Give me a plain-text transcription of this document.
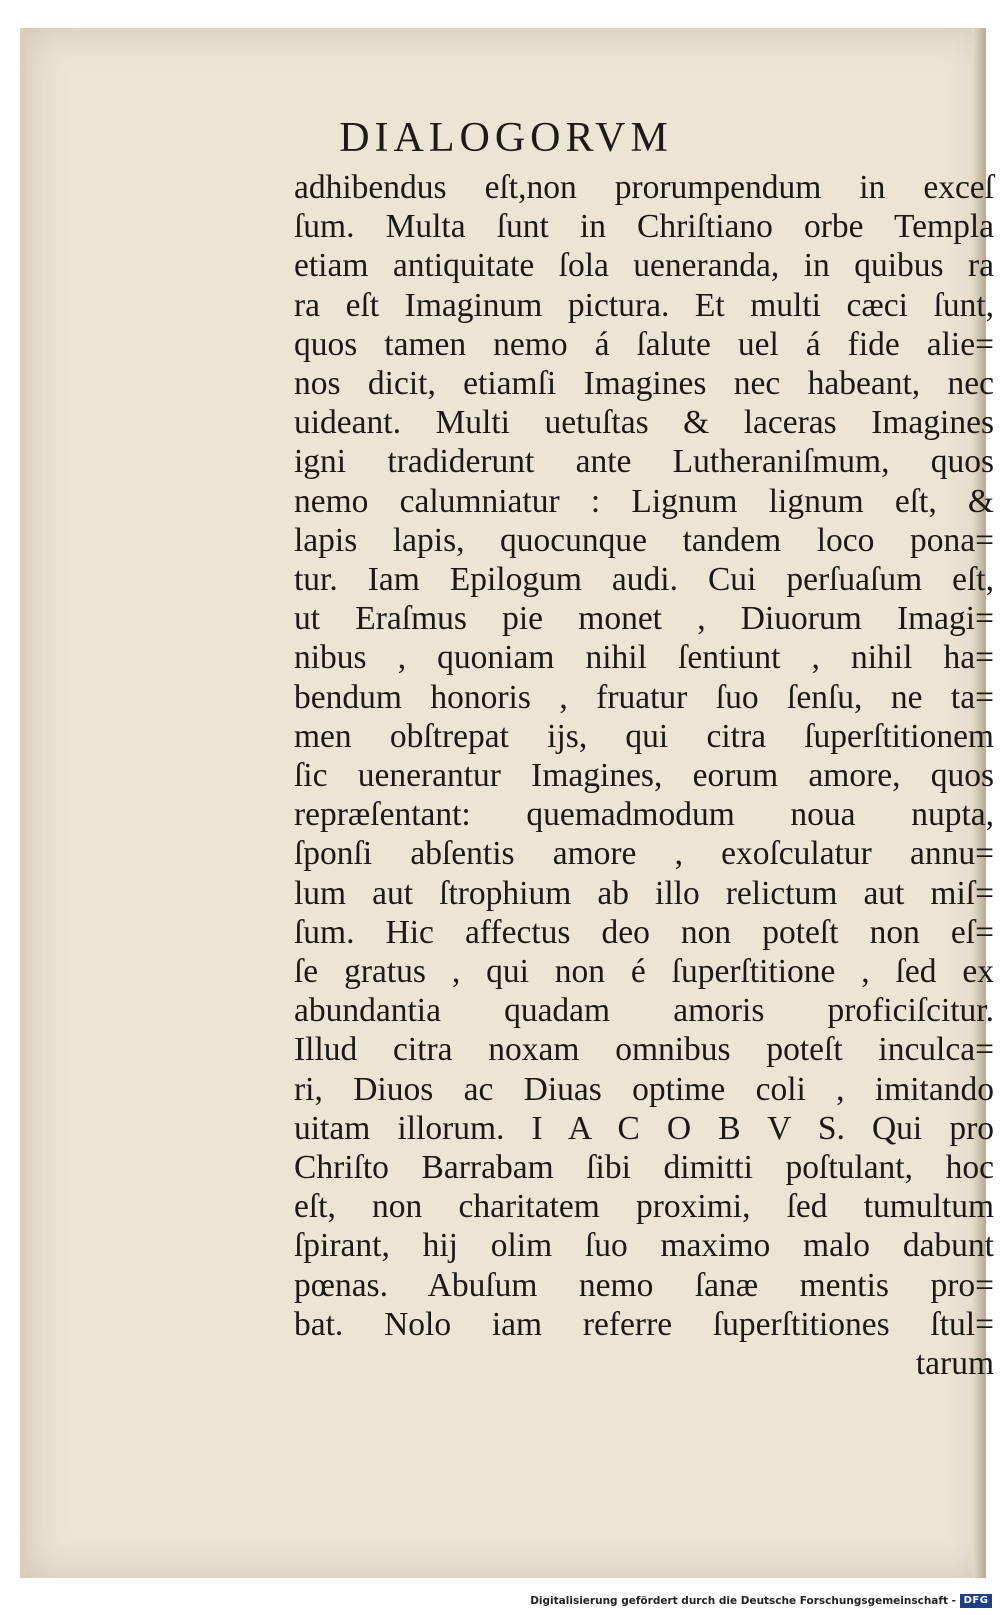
DIALOGORVM
adhibendus eſt,non prorumpendum in exceſ
ſum. Multa ſunt in Chriſtiano orbe Templa
etiam antiquitate ſola ueneranda, in quibus ra
ra eſt Imaginum pictura. Et multi cæci ſunt,
quos tamen nemo á ſalute uel á fide alie=
nos dicit, etiamſi Imagines nec habeant, nec
uideant. Multi uetuſtas & laceras Imagines
igni tradiderunt ante Lutheraniſmum, quos
nemo calumniatur : Lignum lignum eſt, &
lapis lapis, quocunque tandem loco pona=
tur. Iam Epilogum audi. Cui perſuaſum eſt,
ut Eraſmus pie monet , Diuorum Imagi=
nibus , quoniam nihil ſentiunt , nihil ha=
bendum honoris , fruatur ſuo ſenſu, ne ta=
men obſtrepat ijs, qui citra ſuperſtitionem
ſic uenerantur Imagines, eorum amore, quos
repræſentant: quemadmodum noua nupta,
ſponſi abſentis amore , exoſculatur annu=
lum aut ſtrophium ab illo relictum aut miſ=
ſum. Hic affectus deo non poteſt non eſ=
ſe gratus , qui non é ſuperſtitione , ſed ex
abundantia quadam amoris proficiſcitur.
Illud citra noxam omnibus poteſt inculca=
ri, Diuos ac Diuas optime coli , imitando
uitam illorum. I A C O B V S. Qui pro
Chriſto Barrabam ſibi dimitti poſtulant, hoc
eſt, non charitatem proximi, ſed tumultum
ſpirant, hij olim ſuo maximo malo dabunt
pœnas. Abuſum nemo ſanæ mentis pro=
bat. Nolo iam referre ſuperſtitiones ſtul=
tarum
Digitalisierung gefördert durch die Deutsche Forschungsgemeinschaft - DFG
